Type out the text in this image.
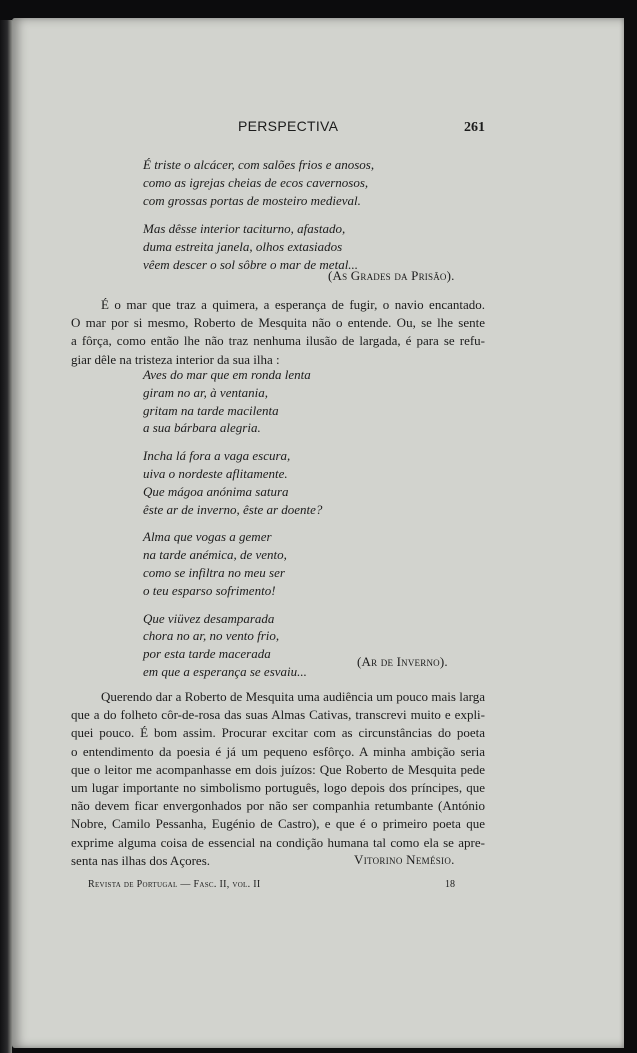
PERSPECTIVA	261
É triste o alcácer, com salões frios e anosos,
como as igrejas cheias de ecos cavernosos,
com grossas portas de mosteiro medieval.
Mas dêsse interior taciturno, afastado,
duma estreita janela, olhos extasiados
vêem descer o sol sôbre o mar de metal...
(As Grades da Prisão).
É o mar que traz a quimera, a esperança de fugir, o navio encantado.
O mar por si mesmo, Roberto de Mesquita não o entende. Ou, se lhe sente
a fôrça, como então lhe não traz nenhuma ilusão de largada, é para se refu-
giar dêle na tristeza interior da sua ilha :
Aves do mar que em ronda lenta
giram no ar, à ventania,
gritam na tarde macilenta
a sua bárbara alegria.
Incha lá fora a vaga escura,
uiva o nordeste aflitamente.
Que mágoa anónima satura
êste ar de inverno, êste ar doente?
Alma que vogas a gemer
na tarde anémica, de vento,
como se infiltra no meu ser
o teu esparso sofrimento!
Que viüvez desamparada
chora no ar, no vento frio,
por esta tarde macerada
em que a esperança se esvaiu...
(Ar de Inverno).
Querendo dar a Roberto de Mesquita uma audiência um pouco mais larga
que a do folheto côr-de-rosa das suas Almas Cativas, transcrevi muito e expli-
quei pouco. É bom assim. Procurar excitar com as circunstâncias do poeta
o entendimento da poesia é já um pequeno esfôrço. A minha ambição seria
que o leitor me acompanhasse em dois juízos: Que Roberto de Mesquita pede
um lugar importante no simbolismo português, logo depois dos príncipes, que
não devem ficar envergonhados por não ser companhia retumbante (António
Nobre, Camilo Pessanha, Eugénio de Castro), e que é o primeiro poeta que
exprime alguma coisa de essencial na condição humana tal como ela se apre-
senta nas ilhas dos Açores.	Vitorino Nemésio.
Revista de Portugal — Fasc. II, vol. II	18
